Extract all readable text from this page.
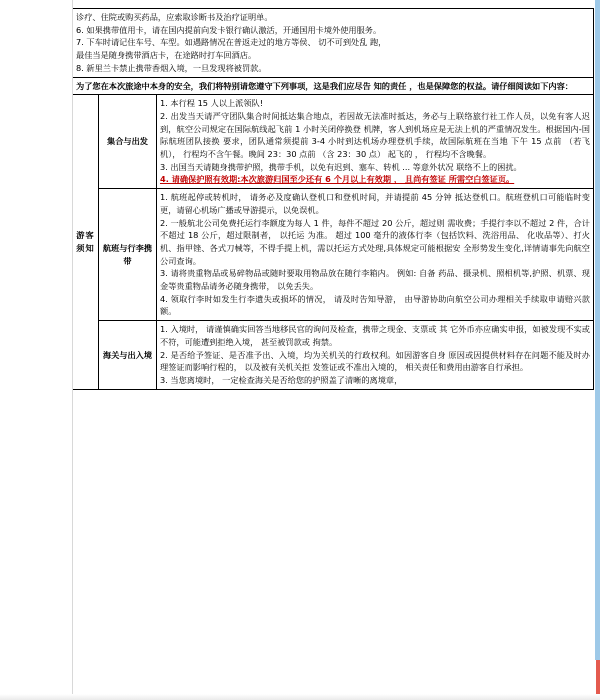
诊疗、住院或购买药品，应索取诊断书及治疗证明单。

6. 如果携带值用卡，请在国内提前向发卡银行确认激活，开通国用卡境外使用服务。

7. 下车时请记住车号、车型。如遇路情况在普返走过的地方等侯、 切不可到处乱 跑，

最佳当是随身携带酒店卡，在途路时打车回酒店。

8. 新里兰卡禁止携带香烟入境，一旦发现将被罚款。		

为了您在本次旅途中本身的安全，我们将特别请您遵守下列事项，这是我们应尽告 知的责任 ，也是保障您的权益。请仔细阅读如下内容：		
游客须知	集合与出发	1. 本行程 15 人以上派领队!

2. 出发当天请严守团队集合时间抵达集合地点，若因故无法准时抵达，务必与上联络旅行社工作人员，以免有客人迟到，航空公司规定在国际航线起飞前 1 小时关闭停换登 机牌，客人到机场应是无法上机的严重情况发生。根据国内-国际航班团队接换 要求，团队通常须提前 3-4 小时到达机场办理登机手续，故国际航班在当地 下午 15 点前 （若飞机）， 行程均不含午餐。晚间 23：30 点前 （含 23：30 点） 起飞的 ， 行程均不含晚餐。

3. 出国当天请随身携带护照，携带手机，以免有迟到、塞车、转机 ... 等意外状况 联络不上的困扰。

4. 请确保护照有效期:本次旅游归国至少还有 6 个月以上有效期 ， 且尚有签证 所需空白签证页。

	航班与行李携带	1. 航班起停或转机时， 请务必及度确认登机口和登机时间，并请提前 45 分钟 抵达登机口。航班登机口可能临时变更，请留心机场广播或导游提示，以免误机。

2. 一般航北公司免费托运行李额度为每人 1 件，每件不超过 20 公斤，超过则 需收费；手提行李以不超过 2 件，合计不超过 18 公斤，超过限制者， 以托运 为准。 超过 100 毫升的液体行李（包括饮料、洗浴用品、 化收品等）、打火机、指甲锉、各式刀械等，不得手提上机，需以托运方式处理,具体规定可能根据安 全形势发生变化,详情请事先向航空公司查询。

3. 请将贵重物品或易碎物品或随时要取用物品放在随行李箱内。 例如: 自备 药品、摄录机、照相机等,护照、机票、现金等贵重物品请务必随身携带， 以免丢失。

4. 领取行李时如发生行李遗失或损坏的情况， 请及时告知导游， 由导游协助向航空公司办理相关手续取申请赔兴款额。

	海关与出入境	1. 入境时， 请谨慎确实回答当地移民官的询问及检查，携带之现金、支票或 其 它外币亦应确实申报，如被发现不实或不符，可能遭到拒绝入境， 甚至被罚款或 拘禁。

2. 是否给予签证、是否准予出、入境，均为关机关的行政权利。如因游客自身 原因或因提供材料存在问题不能及时办理签证而影响行程的， 以及被有关机关拒 发签证或不准出入境的， 相关责任和费用由游客自行承担。

3. 当您离境时， 一定检查海关是否给您的护照盖了清晰的离境章，
